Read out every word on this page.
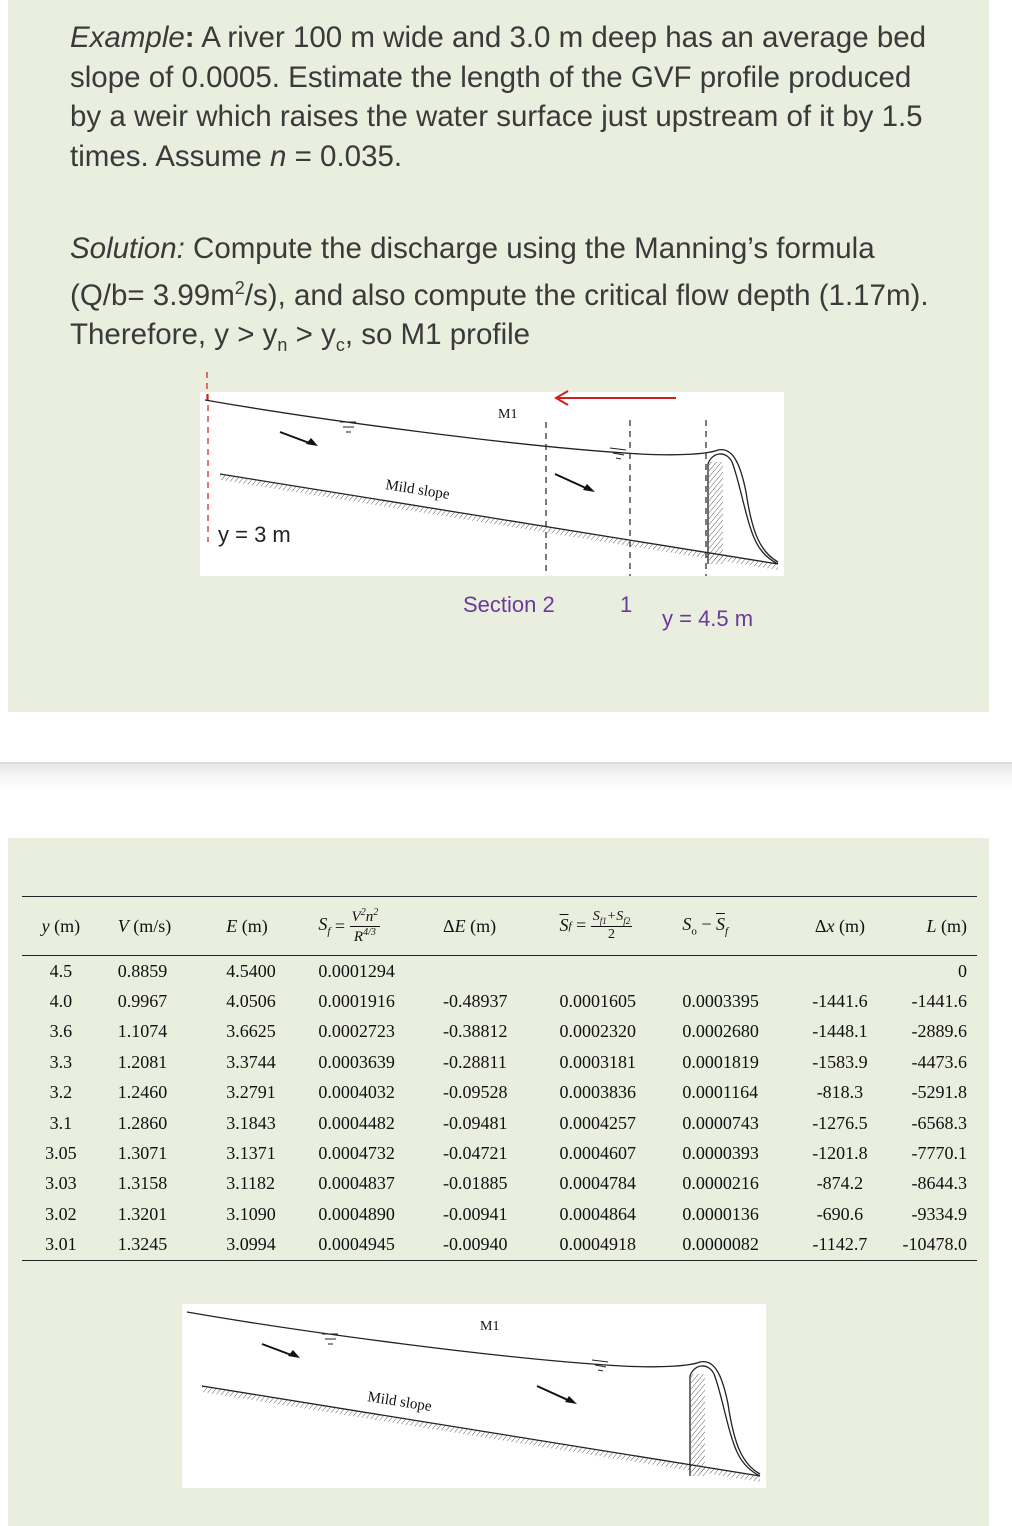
Example: A river 100 m wide and 3.0 m deep has an average bed slope of 0.0005. Estimate the length of the GVF profile produced by a weir which raises the water surface just upstream of it by 1.5 times. Assume n = 0.035.
Solution: Compute the discharge using the Manning’s formula $(Q/b= 3.99m^2/s)$, and also compute the critical flow depth (1.17m). Therefore, $y > y_n > y_c$, so M1 profile
M1
Mild slope
y = 3 m
Section 2	1
y = 4.5 m
y (m)	V (m/s)	E (m)	$S_f = V^2n^2$
$R^{4/3}$	ΔE (m)	$\overline{S}$ $f = S_{f1}+S_{f2}$
2	$S_o - \overline{S}_f$	Δx (m)	L (m)
4.5	0.8859	4.5400	0.0001294					0
4.0	0.9967	4.0506	0.0001916	-0.48937	0.0001605	0.0003395	-1441.6	-1441.6
3.6	1.1074	3.6625	0.0002723	-0.38812	0.0002320	0.0002680	-1448.1	-2889.6
3.3	1.2081	3.3744	0.0003639	-0.28811	0.0003181	0.0001819	-1583.9	-4473.6
3.2	1.2460	3.2791	0.0004032	-0.09528	0.0003836	0.0001164	-818.3	-5291.8
3.1	1.2860	3.1843	0.0004482	-0.09481	0.0004257	0.0000743	-1276.5	-6568.3
3.05	1.3071	3.1371	0.0004732	-0.04721	0.0004607	0.0000393	-1201.8	-7770.1
3.03	1.3158	3.1182	0.0004837	-0.01885	0.0004784	0.0000216	-874.2	-8644.3
3.02	1.3201	3.1090	0.0004890	-0.00941	0.0004864	0.0000136	-690.6	-9334.9
3.01	1.3245	3.0994	0.0004945	-0.00940	0.0004918	0.0000082	-1142.7	-10478.0
M1
Mild slope
